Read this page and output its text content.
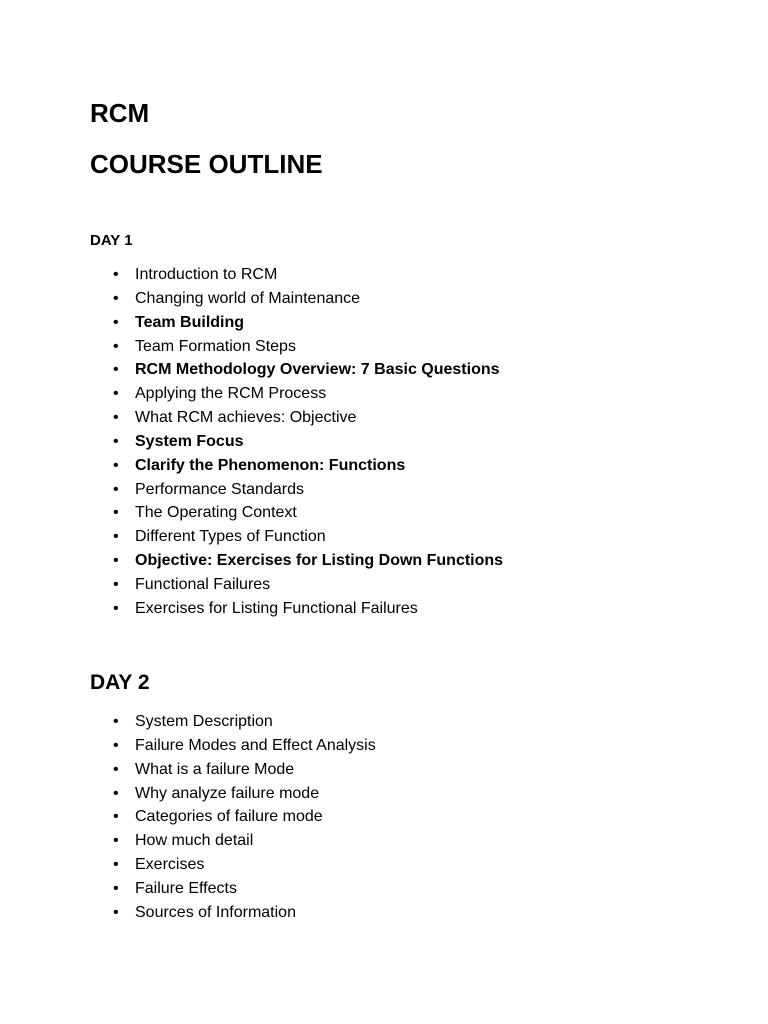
RCM
COURSE OUTLINE
DAY 1
• Introduction to RCM
• Changing world of Maintenance
• Team Building
• Team Formation Steps
• RCM Methodology Overview: 7 Basic Questions
• Applying the RCM Process
• What RCM achieves: Objective
• System Focus
• Clarify the Phenomenon: Functions
• Performance Standards
• The Operating Context
• Different Types of Function
• Objective: Exercises for Listing Down Functions
• Functional Failures
• Exercises for Listing Functional Failures
DAY 2
• System Description
• Failure Modes and Effect Analysis
• What is a failure Mode
• Why analyze failure mode
• Categories of failure mode
• How much detail
• Exercises
• Failure Effects
• Sources of Information
